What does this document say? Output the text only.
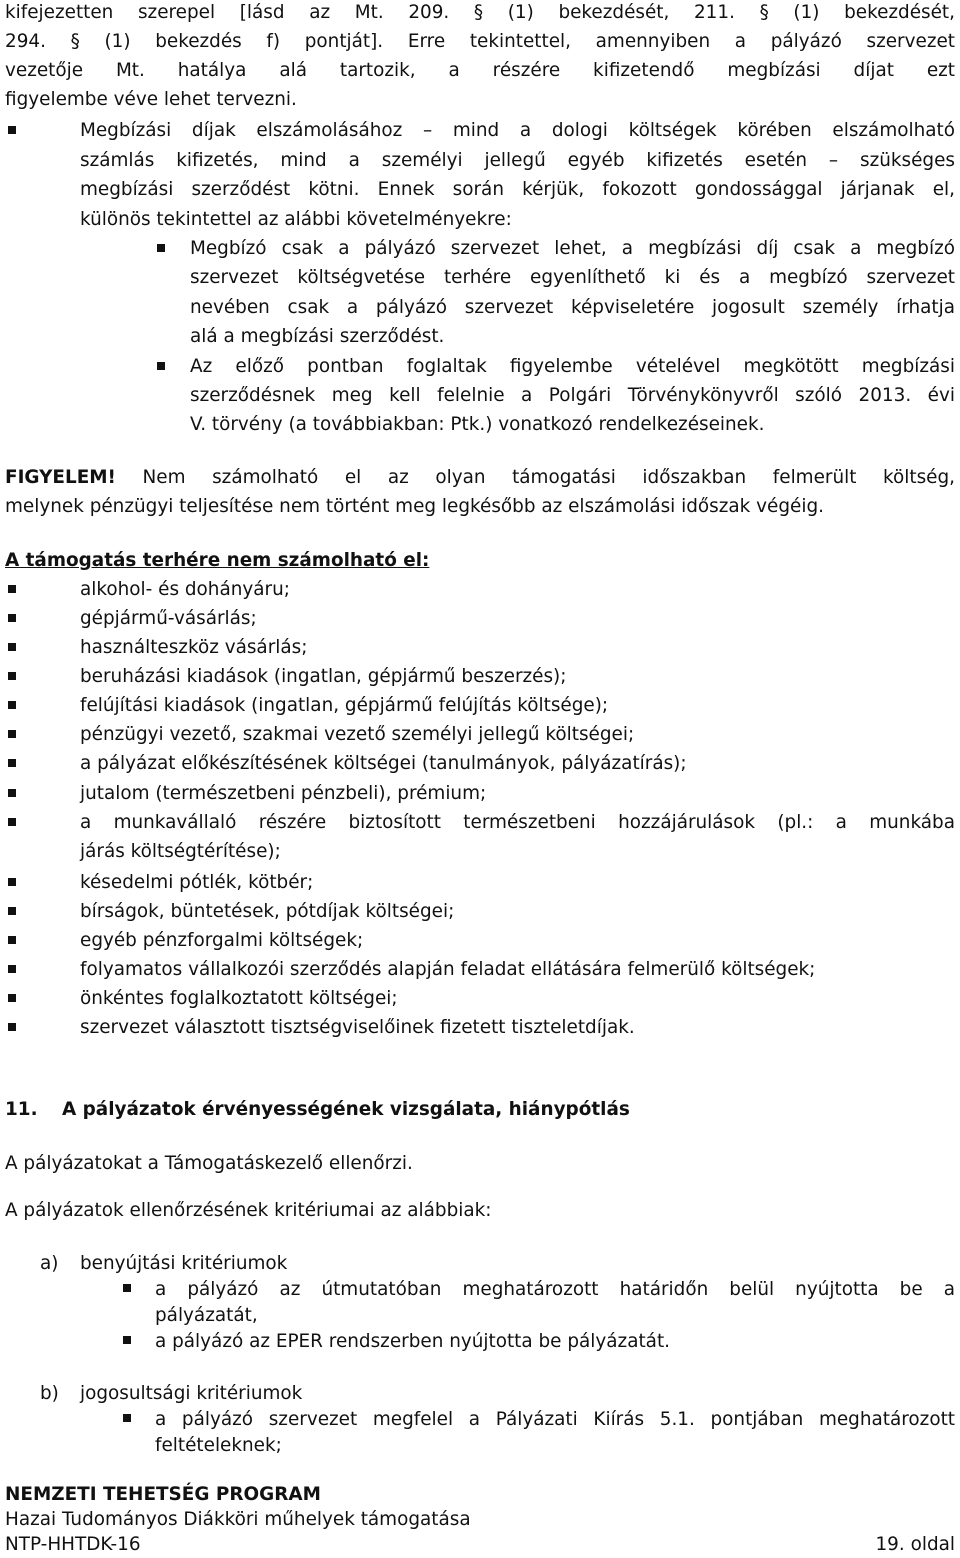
kifejezetten szerepel [lásd az Mt. 209. § (1) bekezdését, 211. § (1) bekezdését,
294. § (1) bekezdés f) pontját]. Erre tekintettel, amennyiben a pályázó szervezet
vezetője Mt. hatálya alá tartozik, a részére kifizetendő megbízási díjat ezt
figyelembe véve lehet tervezni.
Megbízási díjak elszámolásához – mind a dologi költségek körében elszámolható
számlás kifizetés, mind a személyi jellegű egyéb kifizetés esetén – szükséges
megbízási szerződést kötni. Ennek során kérjük, fokozott gondossággal járjanak el,
különös tekintettel az alábbi követelményekre:
Megbízó csak a pályázó szervezet lehet, a megbízási díj csak a megbízó
szervezet költségvetése terhére egyenlíthető ki és a megbízó szervezet
nevében csak a pályázó szervezet képviseletére jogosult személy írhatja
alá a megbízási szerződést.
Az előző pontban foglaltak figyelembe vételével megkötött megbízási
szerződésnek meg kell felelnie a Polgári Törvénykönyvről szóló 2013. évi
V. törvény (a továbbiakban: Ptk.) vonatkozó rendelkezéseinek.
FIGYELEM! Nem számolható el az olyan támogatási időszakban felmerült költség,
melynek pénzügyi teljesítése nem történt meg legkésőbb az elszámolási időszak végéig.
A támogatás terhére nem számolható el:
alkohol- és dohányáru;
gépjármű-vásárlás;
használteszköz vásárlás;
beruházási kiadások (ingatlan, gépjármű beszerzés);
felújítási kiadások (ingatlan, gépjármű felújítás költsége);
pénzügyi vezető, szakmai vezető személyi jellegű költségei;
a pályázat előkészítésének költségei (tanulmányok, pályázatírás);
jutalom (természetbeni pénzbeli), prémium;
a munkavállaló részére biztosított természetbeni hozzájárulások (pl.: a munkába
járás költségtérítése);
késedelmi pótlék, kötbér;
bírságok, büntetések, pótdíjak költségei;
egyéb pénzforgalmi költségek;
folyamatos vállalkozói szerződés alapján feladat ellátására felmerülő költségek;
önkéntes foglalkoztatott költségei;
szervezet választott tisztségviselőinek fizetett tiszteletdíjak.
11. A pályázatok érvényességének vizsgálata, hiánypótlás
A pályázatokat a Támogatáskezelő ellenőrzi.
A pályázatok ellenőrzésének kritériumai az alábbiak:
a) benyújtási kritériumok
a pályázó az útmutatóban meghatározott határidőn belül nyújtotta be a
pályázatát,
a pályázó az EPER rendszerben nyújtotta be pályázatát.
b) jogosultsági kritériumok
a pályázó szervezet megfelel a Pályázati Kiírás 5.1. pontjában meghatározott
feltételeknek;
NEMZETI TEHETSÉG PROGRAM
Hazai Tudományos Diákköri műhelyek támogatása
NTP-HHTDK-16	19. oldal
